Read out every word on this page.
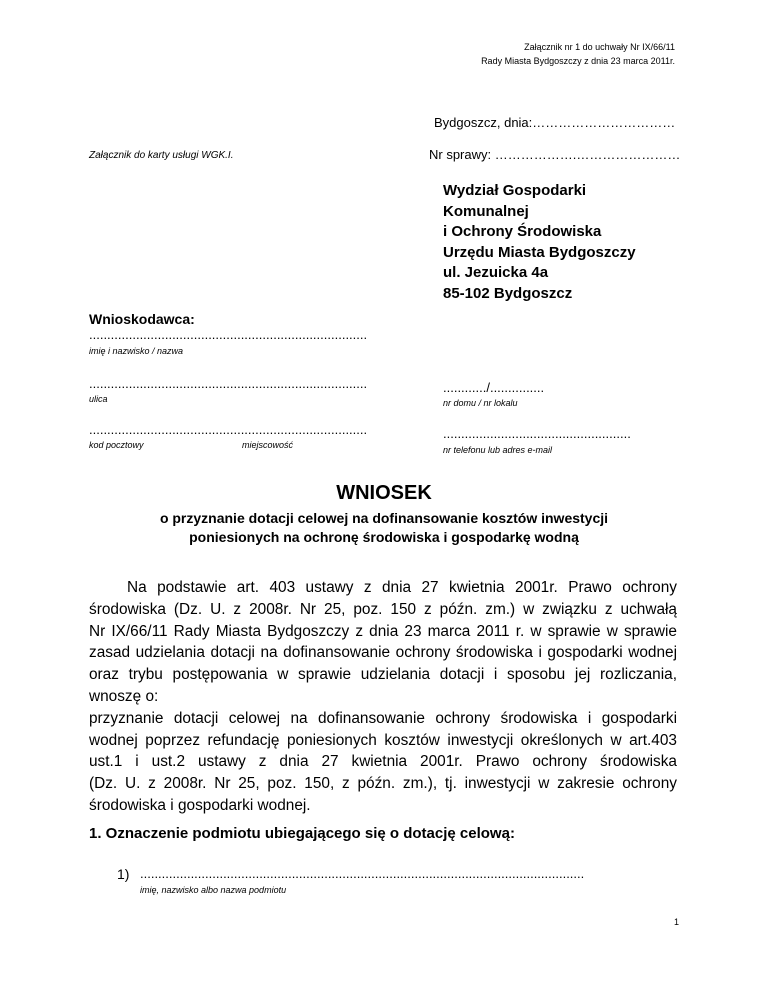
Załącznik nr 1 do uchwały Nr IX/66/11
Rady Miasta Bydgoszczy z dnia 23 marca 2011r.
Bydgoszcz, dnia:……………………………
Załącznik do karty usługi WGK.I.	Nr sprawy: ……………….……………………
Wydział Gospodarki
Komunalnej
i Ochrony Środowiska
Urzędu Miasta Bydgoszczy
ul. Jezuicka 4a
85-102 Bydgoszcz
Wnioskodawca:
.............................................................................
imię i nazwisko / nazwa
.............................................................................
ulica
............/...............
nr domu / nr lokalu
.............................................................................
kod pocztowy	miejscowość
....................................................
nr telefonu lub adres e-mail
WNIOSEK
o przyznanie dotacji celowej na dofinansowanie kosztów inwestycji
poniesionych na ochronę środowiska i gospodarkę wodną
Na podstawie art. 403 ustawy z dnia 27 kwietnia 2001r. Prawo ochrony
środowiska (Dz. U. z 2008r. Nr 25, poz. 150 z późn. zm.) w związku z uchwałą
Nr IX/66/11 Rady Miasta Bydgoszczy z dnia 23 marca 2011 r. w sprawie w sprawie
zasad udzielania dotacji na dofinansowanie ochrony środowiska i gospodarki wodnej
oraz trybu postępowania w sprawie udzielania dotacji i sposobu jej rozliczania,
wnoszę o:
przyznanie dotacji celowej na dofinansowanie ochrony środowiska i gospodarki
wodnej poprzez refundację poniesionych kosztów inwestycji określonych w art.403
ust.1 i ust.2 ustawy z dnia 27 kwietnia 2001r. Prawo ochrony środowiska
(Dz. U. z 2008r. Nr 25, poz. 150, z późn. zm.), tj. inwestycji w zakresie ochrony
środowiska i gospodarki wodnej.
1. Oznaczenie podmiotu ubiegającego się o dotację celową:
1) ...........................................................................................................................
imię, nazwisko albo nazwa podmiotu
1
